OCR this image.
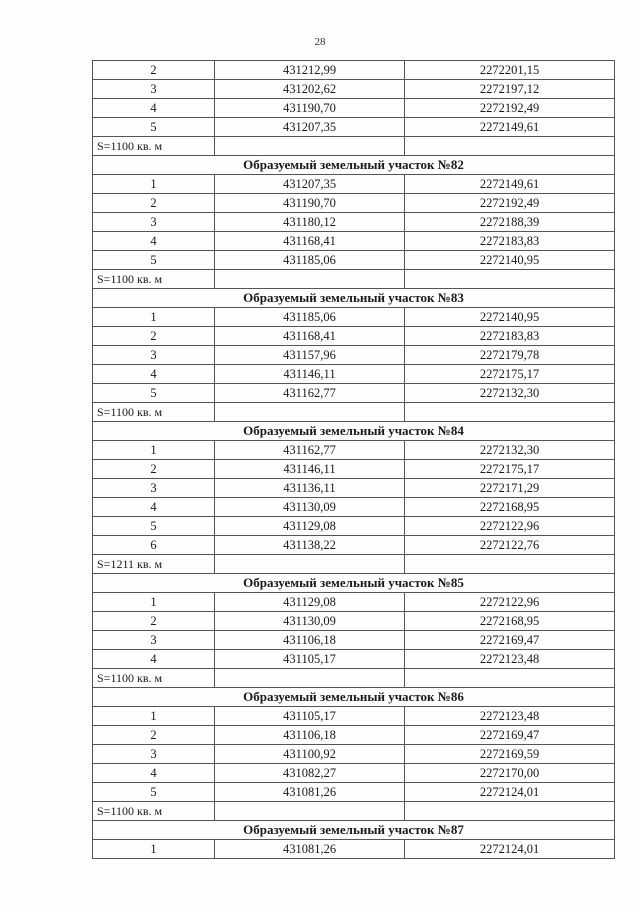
28
2	431212,99	2272201,15
3	431202,62	2272197,12
4	431190,70	2272192,49
5	431207,35	2272149,61
S=1100 кв. м		
Образуемый земельный участок №82		
1	431207,35	2272149,61
2	431190,70	2272192,49
3	431180,12	2272188,39
4	431168,41	2272183,83
5	431185,06	2272140,95
S=1100 кв. м		
Образуемый земельный участок №83		
1	431185,06	2272140,95
2	431168,41	2272183,83
3	431157,96	2272179,78
4	431146,11	2272175,17
5	431162,77	2272132,30
S=1100 кв. м		
Образуемый земельный участок №84		
1	431162,77	2272132,30
2	431146,11	2272175,17
3	431136,11	2272171,29
4	431130,09	2272168,95
5	431129,08	2272122,96
6	431138,22	2272122,76
S=1211 кв. м		
Образуемый земельный участок №85		
1	431129,08	2272122,96
2	431130,09	2272168,95
3	431106,18	2272169,47
4	431105,17	2272123,48
S=1100 кв. м		
Образуемый земельный участок №86		
1	431105,17	2272123,48
2	431106,18	2272169,47
3	431100,92	2272169,59
4	431082,27	2272170,00
5	431081,26	2272124,01
S=1100 кв. м		
Образуемый земельный участок №87		
1	431081,26	2272124,01
